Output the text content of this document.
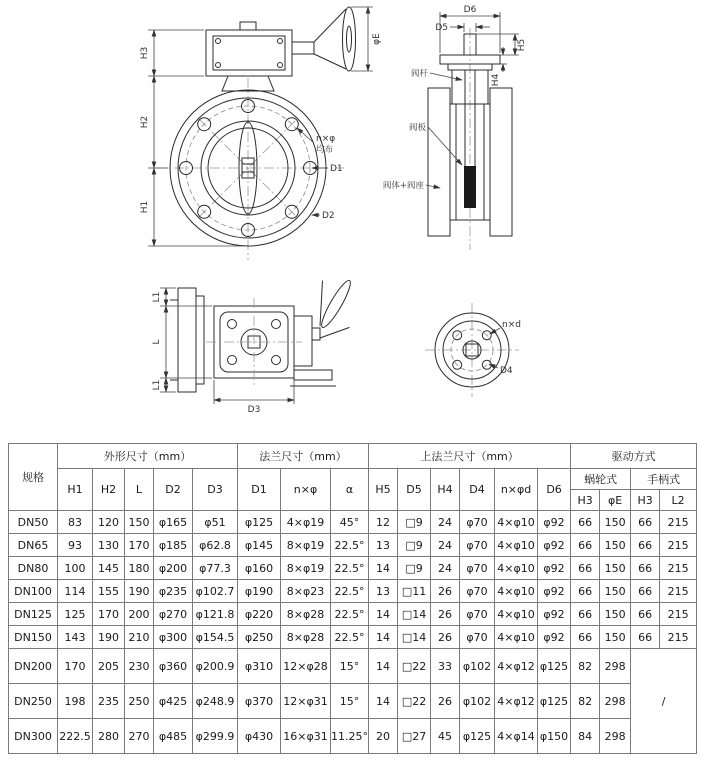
φE
H3
H2
H1
n×φ
均布
D1
D2
D6
D5
H5
H4
阀杆
阀板
阀体+阀座
L1
L
L1
D3
n×d
D4
规格	外形尺寸（mm）					法兰尺寸（mm）			上法兰尺寸（mm）						驱动方式			
	H1	H2	L	D2	D3	D1	n×φ	α	H5	D5	H4	D4	n×φd	D6	蜗轮式		手柄式	
															H3	φE	H3	L2
DN50	83	120	150	φ165	φ51	φ125	4×φ19	45°	12	□9	24	φ70	4×φ10	φ92	66	150	66	215
DN65	93	130	170	φ185	φ62.8	φ145	8×φ19	22.5°	13	□9	24	φ70	4×φ10	φ92	66	150	66	215
DN80	100	145	180	φ200	φ77.3	φ160	8×φ19	22.5°	14	□9	24	φ70	4×φ10	φ92	66	150	66	215
DN100	114	155	190	φ235	φ102.7	φ190	8×φ23	22.5°	13	□11	26	φ70	4×φ10	φ92	66	150	66	215
DN125	125	170	200	φ270	φ121.8	φ220	8×φ28	22.5°	14	□14	26	φ70	4×φ10	φ92	66	150	66	215
DN150	143	190	210	φ300	φ154.5	φ250	8×φ28	22.5°	14	□14	26	φ70	4×φ10	φ92	66	150	66	215
DN200	170	205	230	φ360	φ200.9	φ310	12×φ28	15°	14	□22	33	φ102	4×φ12	φ125	82	298	/	
DN250	198	235	250	φ425	φ248.9	φ370	12×φ31	15°	14	□22	26	φ102	4×φ12	φ125	82	298		
DN300	222.5	280	270	φ485	φ299.9	φ430	16×φ31	11.25°	20	□27	45	φ125	4×φ14	φ150	84	298		
